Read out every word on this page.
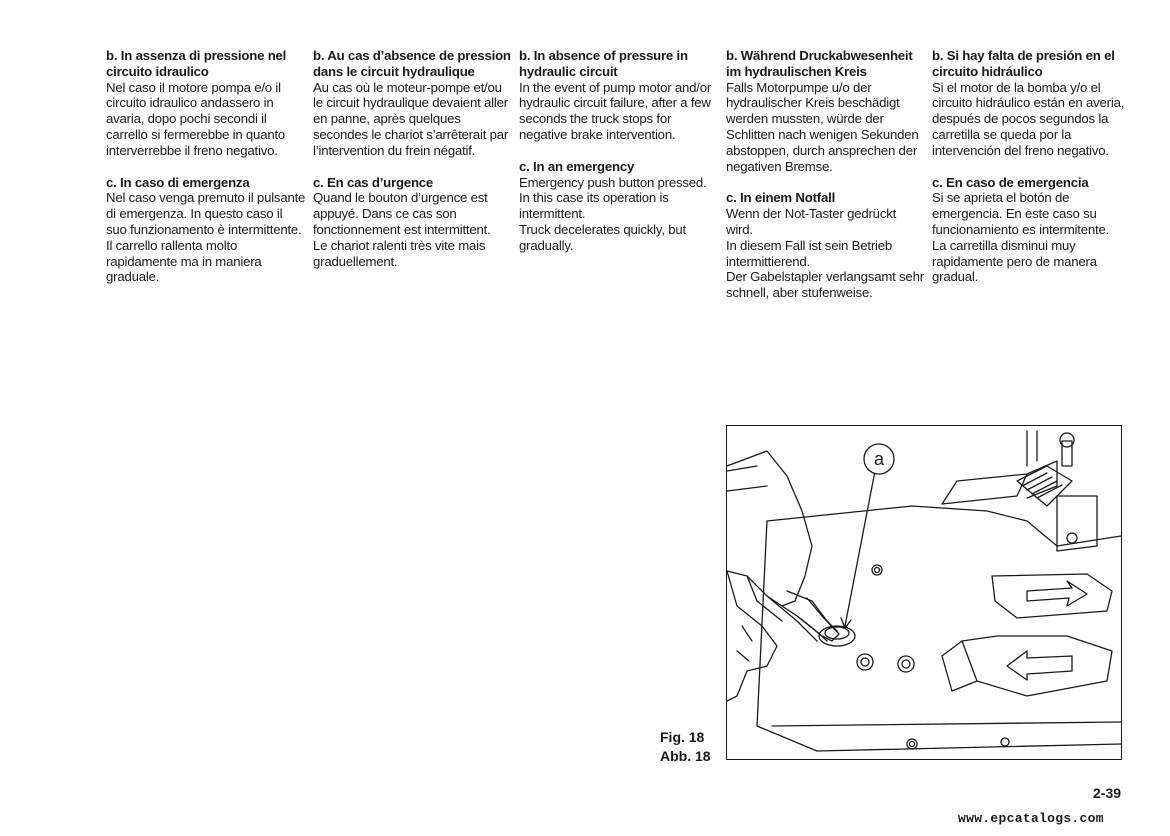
b. In assenza di pressione nel circuito idraulico

Nel caso il motore pompa e/o il circuito idraulico andassero in avaria, dopo pochi secondi il carrello si fermerebbe in quanto interverrebbe il freno negativo.

c. In caso di emergenza

Nel caso venga premuto il pulsante di emergenza. In questo caso il suo funzionamento è intermittente.
Il carrello rallenta molto rapidamente ma in maniera graduale.

b. Au cas d’absence de pression dans le circuit hydraulique

Au cas où le moteur-pompe et/ou le circuit hydraulique devaient aller en panne, après quelques secondes le chariot s’arrêterait par l’intervention du frein négatif.

c. En cas d’urgence

Quand le bouton d’urgence est appuyé. Dans ce cas son fonctionnement est intermittent.
Le chariot ralenti très vite mais graduellement.

b. In absence of pressure in hydraulic circuit

In the event of pump motor and/or hydraulic circuit failure, after a few seconds the truck stops for negative brake intervention.

c. In an emergency

Emergency push button pressed.
In this case its operation is intermittent.
Truck decelerates quickly, but gradually.

b. Während Druckabwesenheit im hydraulischen Kreis

Falls Motorpumpe u/o der hydraulischer Kreis beschädigt werden mussten, würde der Schlitten nach wenigen Sekunden abstoppen, durch ansprechen der negativen Bremse.

c. In einem Notfall

Wenn der Not-Taster gedrückt wird.
In diesem Fall ist sein Betrieb intermittierend.
Der Gabelstapler verlangsamt sehr schnell, aber stufenweise.

b. Si hay falta de presión en el circuito hidráulico

Si el motor de la bomba y/o el circuito hidráulico están en averia, después de pocos segundos la carretilla se queda por la intervención del freno negativo.

c. En caso de emergencia

Si se aprieta el botón de emergencia. En este caso su funcionamiento es intermitente.
La carretilla disminui muy rapidamente pero de manera gradual.

a
Fig. 18
Abb. 18
2-39
www.epcatalogs.com
